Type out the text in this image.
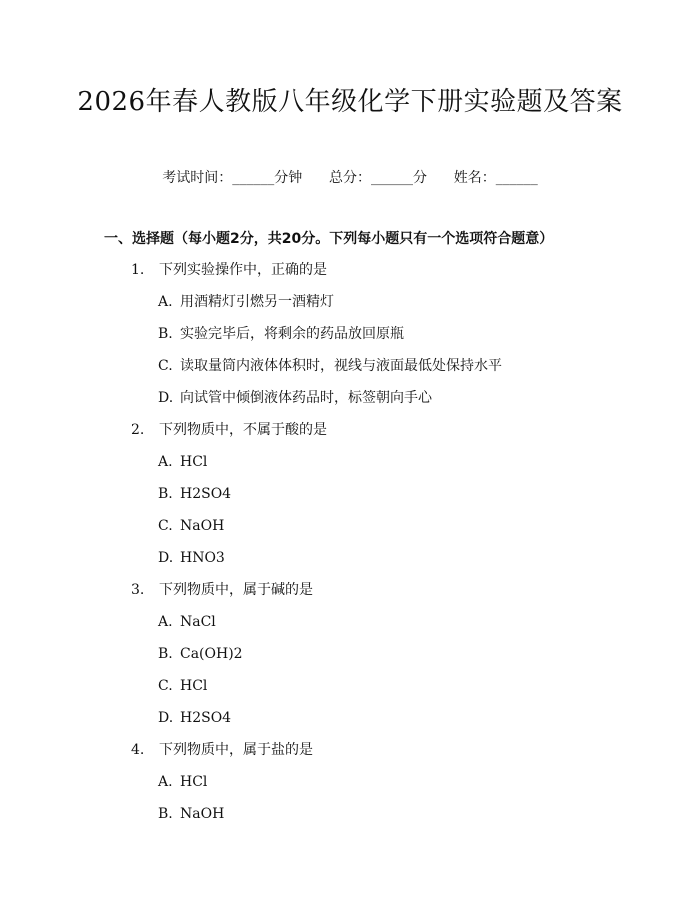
2026年春人教版八年级化学下册实验题及答案
考试时间：______分钟 总分：______分 姓名：______
一、选择题（每小题2分，共20分。下列每小题只有一个选项符合题意）
1.	下列实验操作中，正确的是
A. 用酒精灯引燃另一酒精灯
B. 实验完毕后，将剩余的药品放回原瓶
C. 读取量筒内液体体积时，视线与液面最低处保持水平
D. 向试管中倾倒液体药品时，标签朝向手心
2.	下列物质中，不属于酸的是
A. HCl
B. H2SO4
C. NaOH
D. HNO3
3.	下列物质中，属于碱的是
A. NaCl
B. Ca(OH)2
C. HCl
D. H2SO4
4.	下列物质中，属于盐的是
A. HCl
B. NaOH
